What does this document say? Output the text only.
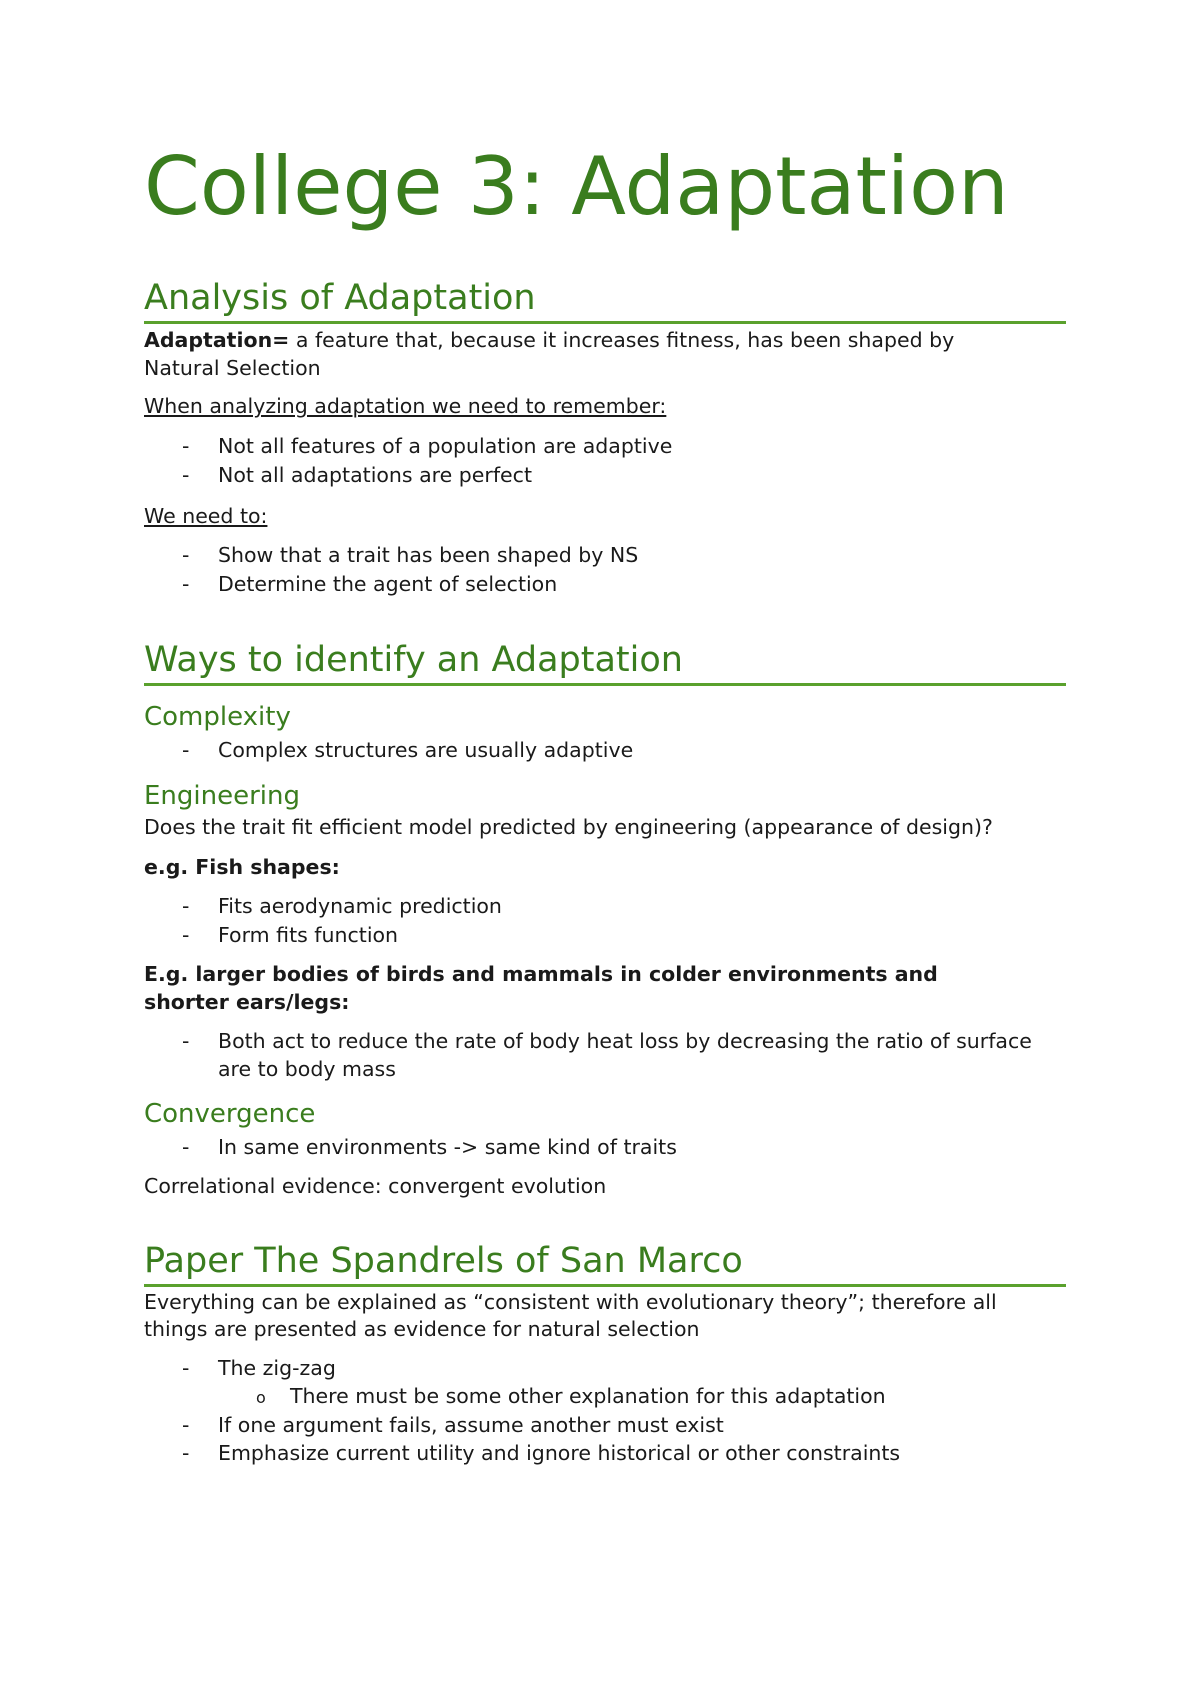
College 3: Adaptation
Analysis of Adaptation
Adaptation= a feature that, because it increases fitness, has been shaped by
Natural Selection
When analyzing adaptation we need to remember:
- Not all features of a population are adaptive
- Not all adaptations are perfect
We need to:
- Show that a trait has been shaped by NS
- Determine the agent of selection
Ways to identify an Adaptation
Complexity
- Complex structures are usually adaptive
Engineering
Does the trait fit efficient model predicted by engineering (appearance of design)?
e.g. Fish shapes:
- Fits aerodynamic prediction
- Form fits function
E.g. larger bodies of birds and mammals in colder environments and
shorter ears/legs:
- Both act to reduce the rate of body heat loss by decreasing the ratio of surface
are to body mass
Convergence
- In same environments -> same kind of traits
Correlational evidence: convergent evolution
Paper The Spandrels of San Marco
Everything can be explained as “consistent with evolutionary theory”; therefore all
things are presented as evidence for natural selection
- The zig-zag
o There must be some other explanation for this adaptation
- If one argument fails, assume another must exist
- Emphasize current utility and ignore historical or other constraints
